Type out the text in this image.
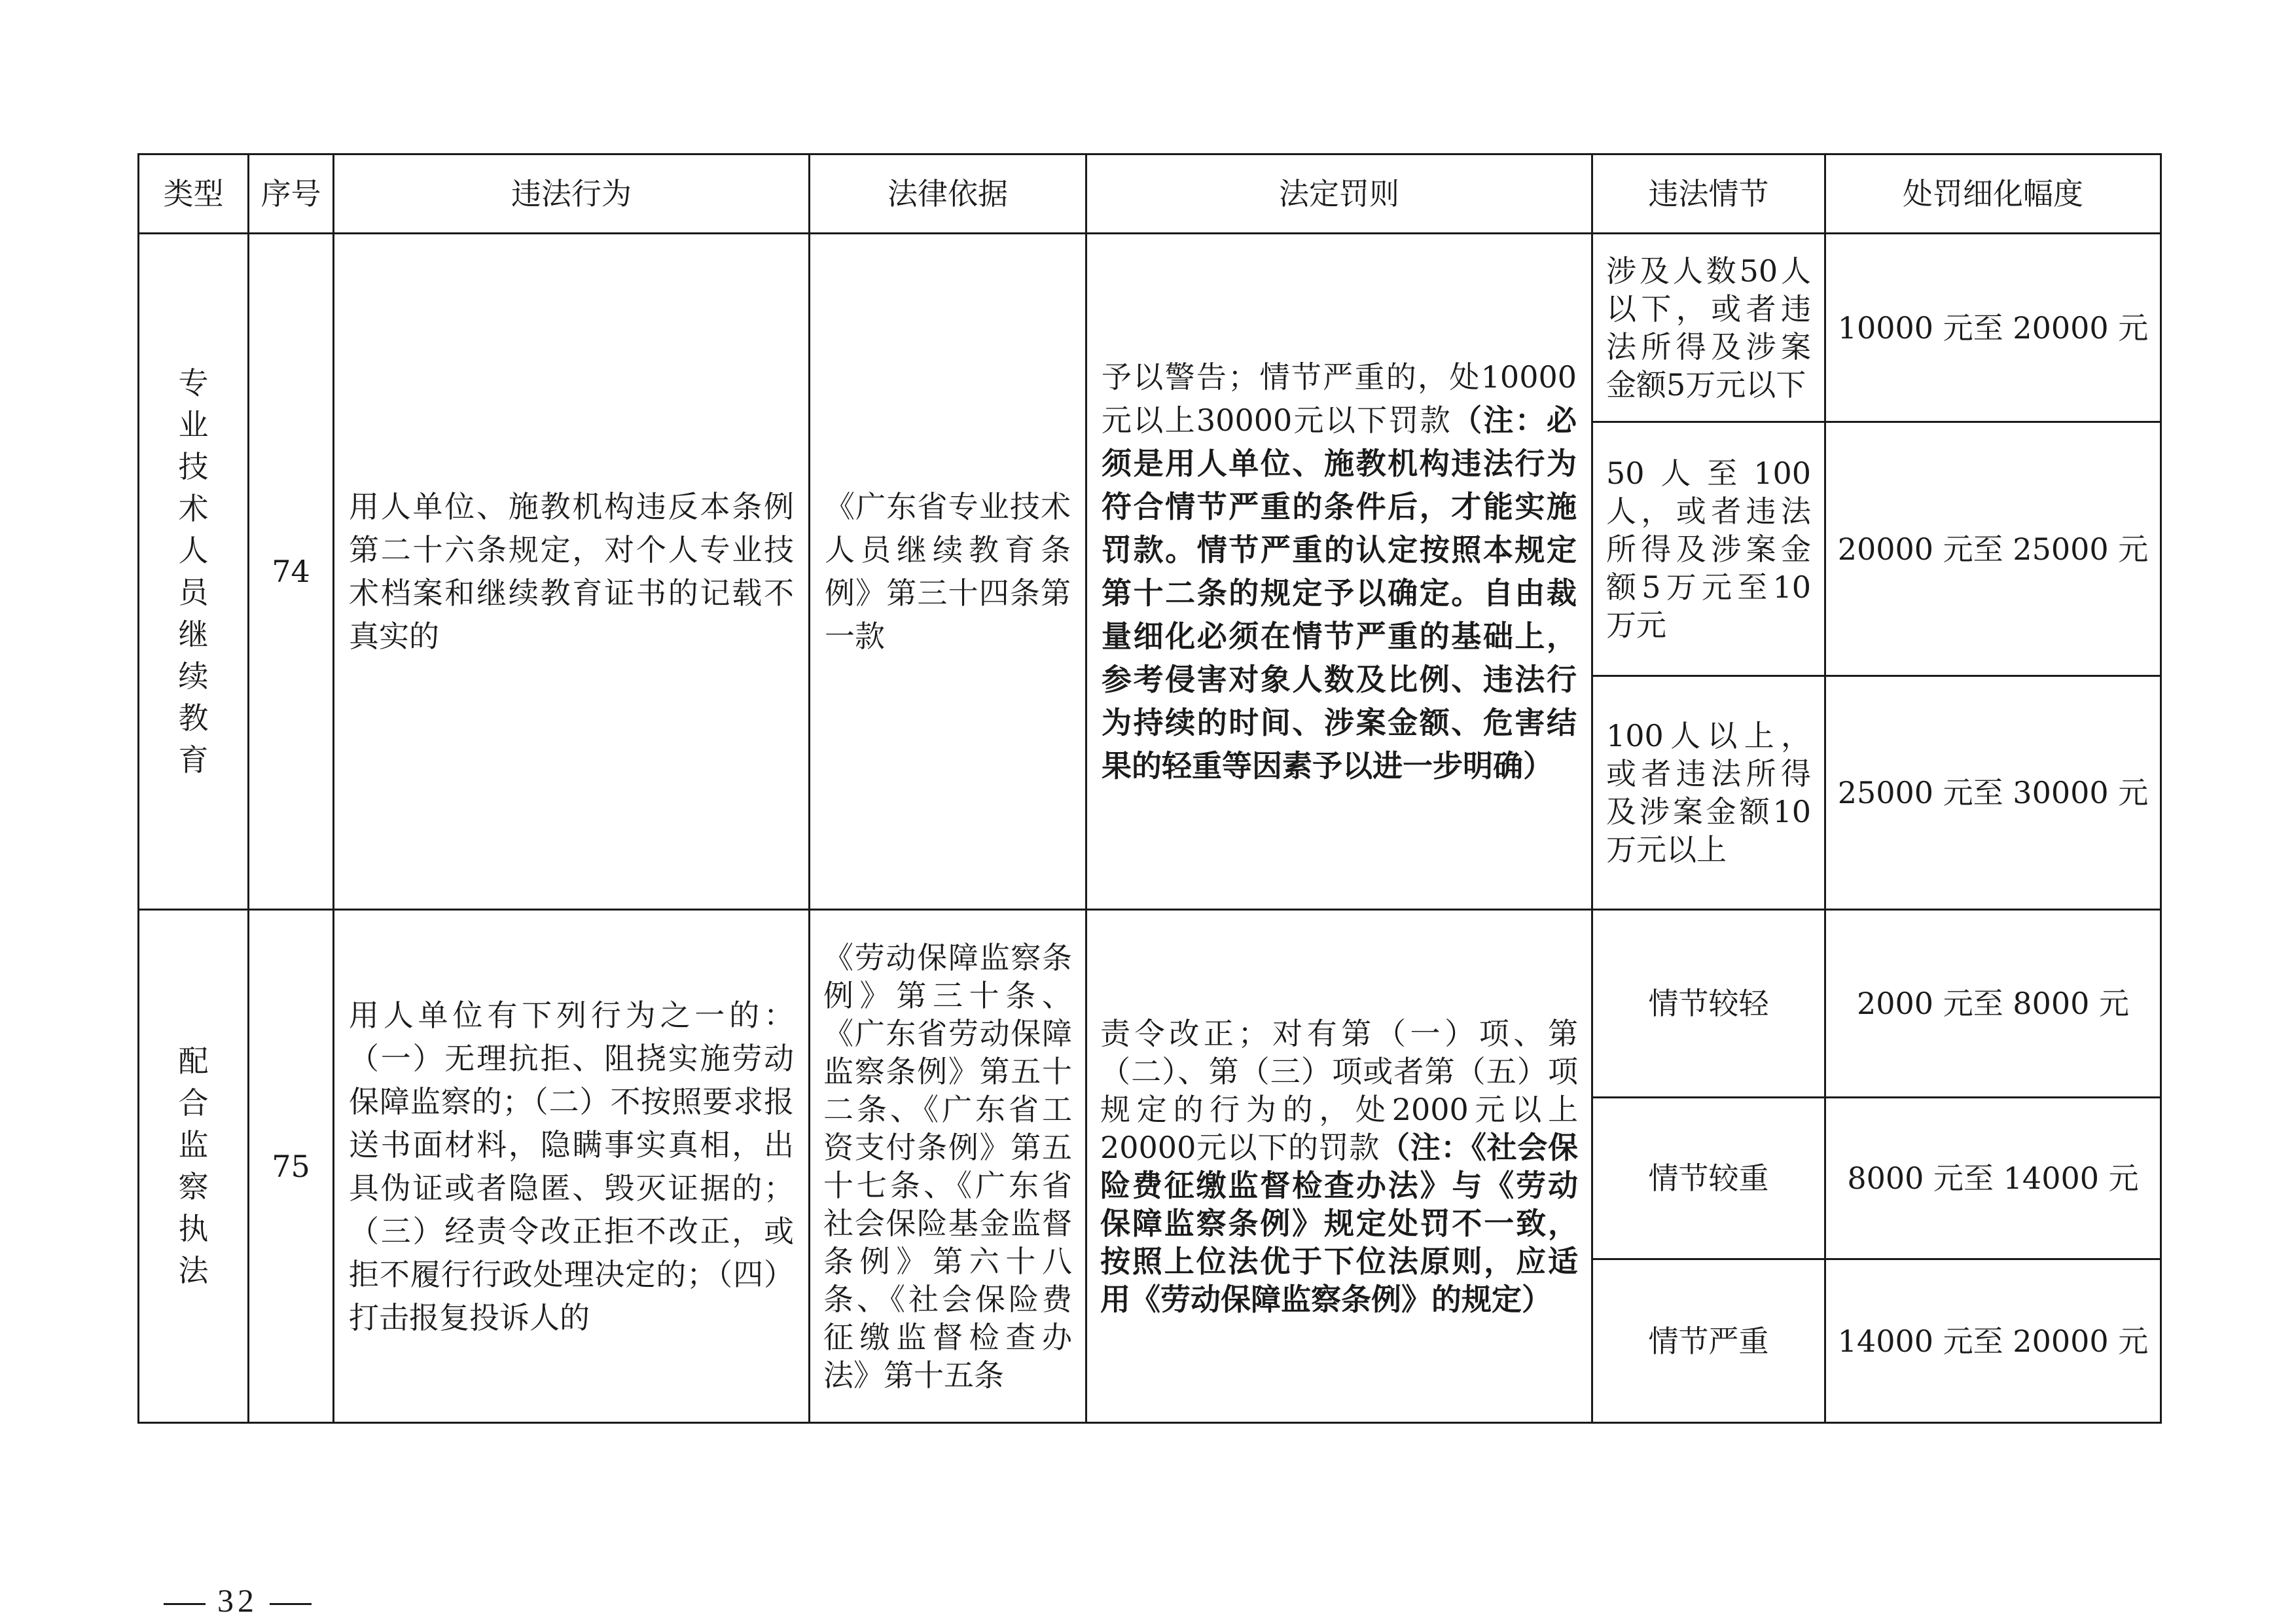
类型	序号	违法行为	法律依据	法定罚则	违法情节	处罚细化幅度
专业技术人员继续教育	74	用人单位、施教机构违反本条例第二十六条规定，对个人专业技术档案和继续教育证书的记载不真实的	《广东省专业技术人员继续教育条例》第三十四条第一款	予以警告；情节严重的，处10000元以上30000元以下罚款（注：必须是用人单位、施教机构违法行为符合情节严重的条件后，才能实施罚款。情节严重的认定按照本规定第十二条的规定予以确定。自由裁量细化必须在情节严重的基础上，参考侵害对象人数及比例、违法行为持续的时间、涉案金额、危害结果的轻重等因素予以进一步明确）	涉及人数50人以下，或者违法所得及涉案金额5万元以下	10000 元至 20000 元
					50人至100人，或者违法所得及涉案金额5万元至10万元	20000 元至 25000 元
					100人以上，或者违法所得及涉案金额10万元以上	25000 元至 30000 元
配合监察执法	75	用人单位有下列行为之一的：（一）无理抗拒、阻挠实施劳动保障监察的；（二）不按照要求报送书面材料，隐瞒事实真相，出具伪证或者隐匿、毁灭证据的；（三）经责令改正拒不改正，或拒不履行行政处理决定的；（四）打击报复投诉人的	《劳动保障监察条例》第三十条、《广东省劳动保障监察条例》第五十二条、《广东省工资支付条例》第五十七条、《广东省社会保险基金监督条例》第六十八条、《社会保险费征缴监督检查办法》第十五条	责令改正；对有第（一）项、第（二）、第（三）项或者第（五）项规定的行为的，处2000元以上20000元以下的罚款（注：《社会保险费征缴监督检查办法》与《劳动保障监察条例》规定处罚不一致，按照上位法优于下位法原则，应适用《劳动保障监察条例》的规定）	情节较轻	2000 元至 8000 元
					情节较重	8000 元至 14000 元
					情节严重	14000 元至 20000 元
32
